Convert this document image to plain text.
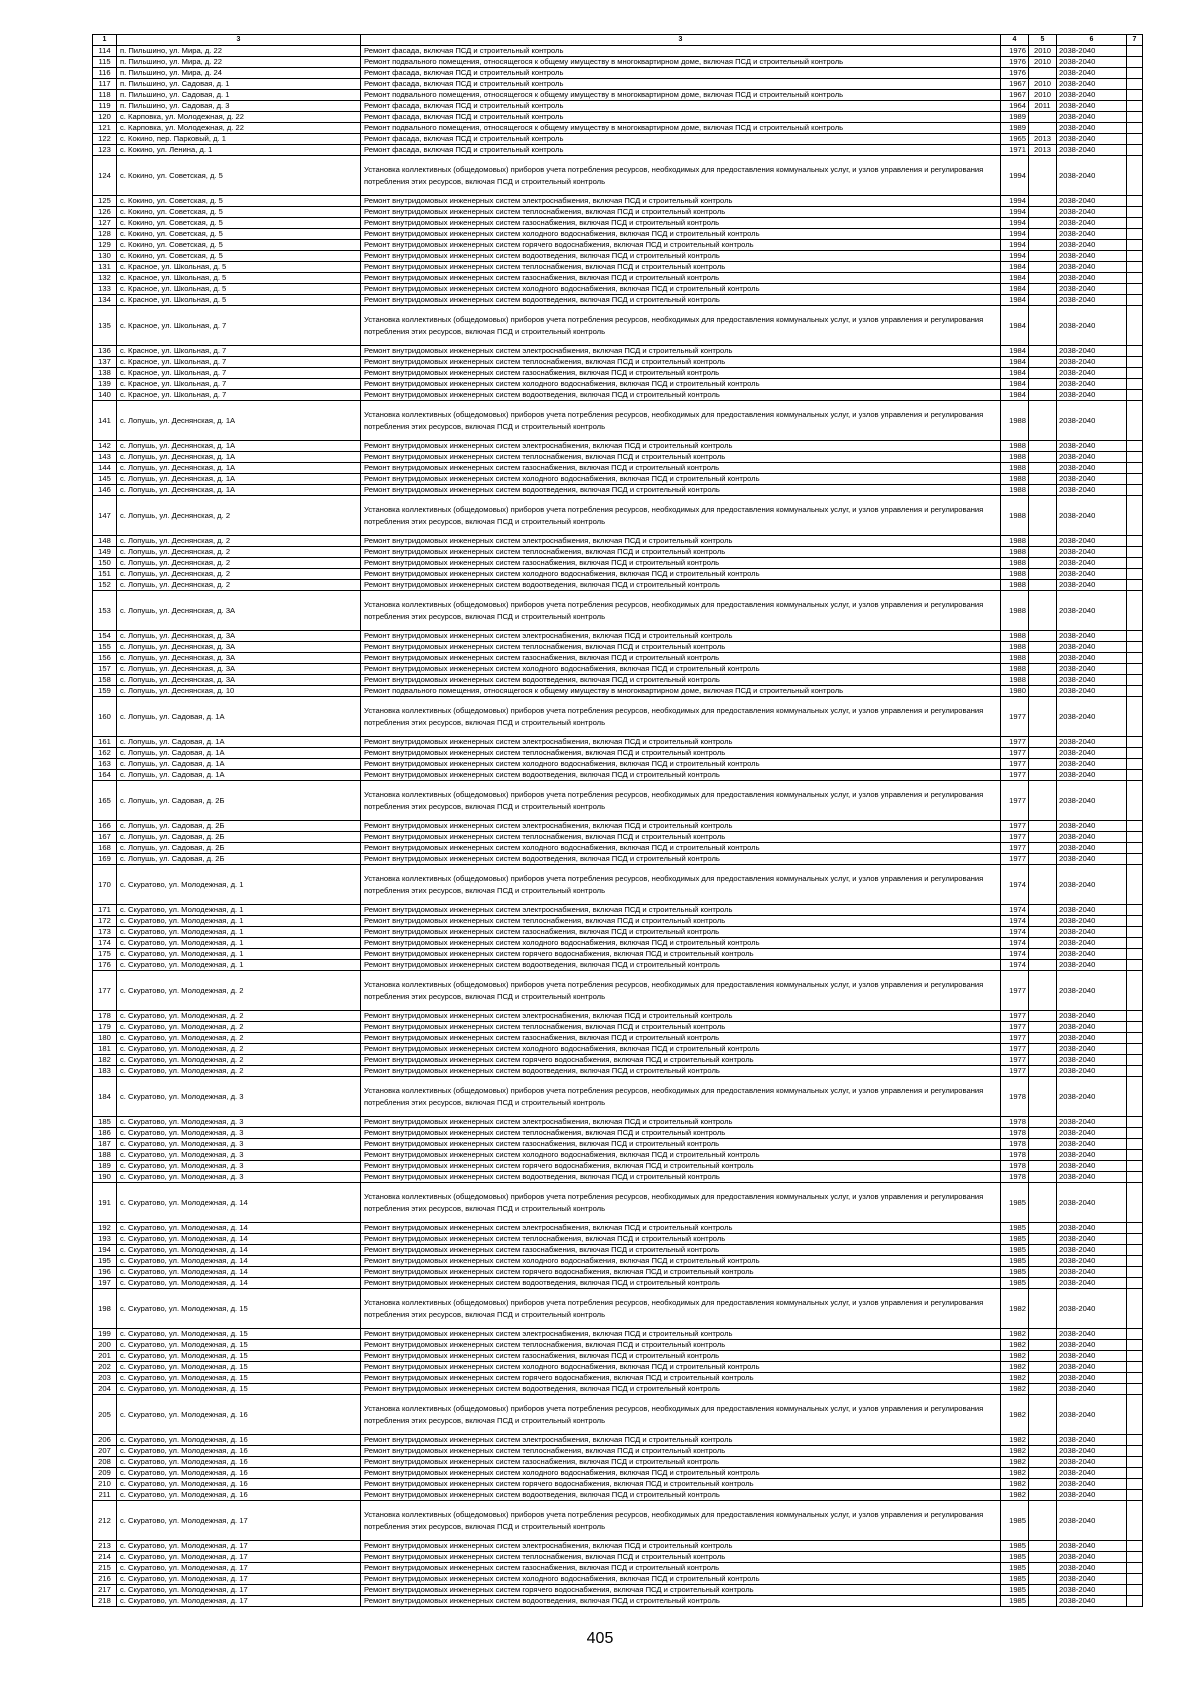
1	3	3	4	5	6	7
114	п. Пильшино, ул. Мира, д. 22	Ремонт фасада, включая ПСД и строительный контроль	1976	2010	2038-2040	
115	п. Пильшино, ул. Мира, д. 22	Ремонт подвального помещения, относящегося к общему имуществу в многоквартирном доме, включая ПСД и строительный контроль	1976	2010	2038-2040	
116	п. Пильшино, ул. Мира, д. 24	Ремонт фасада, включая ПСД и строительный контроль	1976		2038-2040	
117	п. Пильшино, ул. Садовая, д. 1	Ремонт фасада, включая ПСД и строительный контроль	1967	2010	2038-2040	
118	п. Пильшино, ул. Садовая, д. 1	Ремонт подвального помещения, относящегося к общему имуществу в многоквартирном доме, включая ПСД и строительный контроль	1967	2010	2038-2040	
119	п. Пильшино, ул. Садовая, д. 3	Ремонт фасада, включая ПСД и строительный контроль	1964	2011	2038-2040	
120	с. Карповка, ул. Молодежная, д. 22	Ремонт фасада, включая ПСД и строительный контроль	1989		2038-2040	
121	с. Карповка, ул. Молодежная, д. 22	Ремонт подвального помещения, относящегося к общему имуществу в многоквартирном доме, включая ПСД и строительный контроль	1989		2038-2040	
122	с. Кокино, пер. Парковый, д. 1	Ремонт фасада, включая ПСД и строительный контроль	1965	2013	2038-2040	
123	с. Кокино, ул. Ленина, д. 1	Ремонт фасада, включая ПСД и строительный контроль	1971	2013	2038-2040	
124	с. Кокино, ул. Советская, д. 5	Установка коллективных (общедомовых) приборов учета потребления ресурсов, необходимых для предоставления коммунальных услуг, и узлов управления и регулирования потребления этих ресурсов, включая ПСД и строительный контроль	1994		2038-2040	
125	с. Кокино, ул. Советская, д. 5	Ремонт внутридомовых инженерных систем электроснабжения, включая ПСД и строительный контроль	1994		2038-2040	
126	с. Кокино, ул. Советская, д. 5	Ремонт внутридомовых инженерных систем теплоснабжения, включая ПСД и строительный контроль	1994		2038-2040	
127	с. Кокино, ул. Советская, д. 5	Ремонт внутридомовых инженерных систем газоснабжения, включая ПСД и строительный контроль	1994		2038-2040	
128	с. Кокино, ул. Советская, д. 5	Ремонт внутридомовых инженерных систем холодного водоснабжения, включая ПСД и строительный контроль	1994		2038-2040	
129	с. Кокино, ул. Советская, д. 5	Ремонт внутридомовых инженерных систем горячего водоснабжения, включая ПСД и строительный контроль	1994		2038-2040	
130	с. Кокино, ул. Советская, д. 5	Ремонт внутридомовых инженерных систем водоотведения, включая ПСД и строительный контроль	1994		2038-2040	
131	с. Красное, ул. Школьная, д. 5	Ремонт внутридомовых инженерных систем теплоснабжения, включая ПСД и строительный контроль	1984		2038-2040	
132	с. Красное, ул. Школьная, д. 5	Ремонт внутридомовых инженерных систем газоснабжения, включая ПСД и строительный контроль	1984		2038-2040	
133	с. Красное, ул. Школьная, д. 5	Ремонт внутридомовых инженерных систем холодного водоснабжения, включая ПСД и строительный контроль	1984		2038-2040	
134	с. Красное, ул. Школьная, д. 5	Ремонт внутридомовых инженерных систем водоотведения, включая ПСД и строительный контроль	1984		2038-2040	
135	с. Красное, ул. Школьная, д. 7	Установка коллективных (общедомовых) приборов учета потребления ресурсов, необходимых для предоставления коммунальных услуг, и узлов управления и регулирования потребления этих ресурсов, включая ПСД и строительный контроль	1984		2038-2040	
136	с. Красное, ул. Школьная, д. 7	Ремонт внутридомовых инженерных систем электроснабжения, включая ПСД и строительный контроль	1984		2038-2040	
137	с. Красное, ул. Школьная, д. 7	Ремонт внутридомовых инженерных систем теплоснабжения, включая ПСД и строительный контроль	1984		2038-2040	
138	с. Красное, ул. Школьная, д. 7	Ремонт внутридомовых инженерных систем газоснабжения, включая ПСД и строительный контроль	1984		2038-2040	
139	с. Красное, ул. Школьная, д. 7	Ремонт внутридомовых инженерных систем холодного водоснабжения, включая ПСД и строительный контроль	1984		2038-2040	
140	с. Красное, ул. Школьная, д. 7	Ремонт внутридомовых инженерных систем водоотведения, включая ПСД и строительный контроль	1984		2038-2040	
141	с. Лопушь, ул. Деснянская, д. 1А	Установка коллективных (общедомовых) приборов учета потребления ресурсов, необходимых для предоставления коммунальных услуг, и узлов управления и регулирования потребления этих ресурсов, включая ПСД и строительный контроль	1988		2038-2040	
142	с. Лопушь, ул. Деснянская, д. 1А	Ремонт внутридомовых инженерных систем электроснабжения, включая ПСД и строительный контроль	1988		2038-2040	
143	с. Лопушь, ул. Деснянская, д. 1А	Ремонт внутридомовых инженерных систем теплоснабжения, включая ПСД и строительный контроль	1988		2038-2040	
144	с. Лопушь, ул. Деснянская, д. 1А	Ремонт внутридомовых инженерных систем газоснабжения, включая ПСД и строительный контроль	1988		2038-2040	
145	с. Лопушь, ул. Деснянская, д. 1А	Ремонт внутридомовых инженерных систем холодного водоснабжения, включая ПСД и строительный контроль	1988		2038-2040	
146	с. Лопушь, ул. Деснянская, д. 1А	Ремонт внутридомовых инженерных систем водоотведения, включая ПСД и строительный контроль	1988		2038-2040	
147	с. Лопушь, ул. Деснянская, д. 2	Установка коллективных (общедомовых) приборов учета потребления ресурсов, необходимых для предоставления коммунальных услуг, и узлов управления и регулирования потребления этих ресурсов, включая ПСД и строительный контроль	1988		2038-2040	
148	с. Лопушь, ул. Деснянская, д. 2	Ремонт внутридомовых инженерных систем электроснабжения, включая ПСД и строительный контроль	1988		2038-2040	
149	с. Лопушь, ул. Деснянская, д. 2	Ремонт внутридомовых инженерных систем теплоснабжения, включая ПСД и строительный контроль	1988		2038-2040	
150	с. Лопушь, ул. Деснянская, д. 2	Ремонт внутридомовых инженерных систем газоснабжения, включая ПСД и строительный контроль	1988		2038-2040	
151	с. Лопушь, ул. Деснянская, д. 2	Ремонт внутридомовых инженерных систем холодного водоснабжения, включая ПСД и строительный контроль	1988		2038-2040	
152	с. Лопушь, ул. Деснянская, д. 2	Ремонт внутридомовых инженерных систем водоотведения, включая ПСД и строительный контроль	1988		2038-2040	
153	с. Лопушь, ул. Деснянская, д. 3А	Установка коллективных (общедомовых) приборов учета потребления ресурсов, необходимых для предоставления коммунальных услуг, и узлов управления и регулирования потребления этих ресурсов, включая ПСД и строительный контроль	1988		2038-2040	
154	с. Лопушь, ул. Деснянская, д. 3А	Ремонт внутридомовых инженерных систем электроснабжения, включая ПСД и строительный контроль	1988		2038-2040	
155	с. Лопушь, ул. Деснянская, д. 3А	Ремонт внутридомовых инженерных систем теплоснабжения, включая ПСД и строительный контроль	1988		2038-2040	
156	с. Лопушь, ул. Деснянская, д. 3А	Ремонт внутридомовых инженерных систем газоснабжения, включая ПСД и строительный контроль	1988		2038-2040	
157	с. Лопушь, ул. Деснянская, д. 3А	Ремонт внутридомовых инженерных систем холодного водоснабжения, включая ПСД и строительный контроль	1988		2038-2040	
158	с. Лопушь, ул. Деснянская, д. 3А	Ремонт внутридомовых инженерных систем водоотведения, включая ПСД и строительный контроль	1988		2038-2040	
159	с. Лопушь, ул. Деснянская, д. 10	Ремонт подвального помещения, относящегося к общему имуществу в многоквартирном доме, включая ПСД и строительный контроль	1980		2038-2040	
160	с. Лопушь, ул. Садовая, д. 1А	Установка коллективных (общедомовых) приборов учета потребления ресурсов, необходимых для предоставления коммунальных услуг, и узлов управления и регулирования потребления этих ресурсов, включая ПСД и строительный контроль	1977		2038-2040	
161	с. Лопушь, ул. Садовая, д. 1А	Ремонт внутридомовых инженерных систем электроснабжения, включая ПСД и строительный контроль	1977		2038-2040	
162	с. Лопушь, ул. Садовая, д. 1А	Ремонт внутридомовых инженерных систем теплоснабжения, включая ПСД и строительный контроль	1977		2038-2040	
163	с. Лопушь, ул. Садовая, д. 1А	Ремонт внутридомовых инженерных систем холодного водоснабжения, включая ПСД и строительный контроль	1977		2038-2040	
164	с. Лопушь, ул. Садовая, д. 1А	Ремонт внутридомовых инженерных систем водоотведения, включая ПСД и строительный контроль	1977		2038-2040	
165	с. Лопушь, ул. Садовая, д. 2Б	Установка коллективных (общедомовых) приборов учета потребления ресурсов, необходимых для предоставления коммунальных услуг, и узлов управления и регулирования потребления этих ресурсов, включая ПСД и строительный контроль	1977		2038-2040	
166	с. Лопушь, ул. Садовая, д. 2Б	Ремонт внутридомовых инженерных систем электроснабжения, включая ПСД и строительный контроль	1977		2038-2040	
167	с. Лопушь, ул. Садовая, д. 2Б	Ремонт внутридомовых инженерных систем теплоснабжения, включая ПСД и строительный контроль	1977		2038-2040	
168	с. Лопушь, ул. Садовая, д. 2Б	Ремонт внутридомовых инженерных систем холодного водоснабжения, включая ПСД и строительный контроль	1977		2038-2040	
169	с. Лопушь, ул. Садовая, д. 2Б	Ремонт внутридомовых инженерных систем водоотведения, включая ПСД и строительный контроль	1977		2038-2040	
170	с. Скуратово, ул. Молодежная, д. 1	Установка коллективных (общедомовых) приборов учета потребления ресурсов, необходимых для предоставления коммунальных услуг, и узлов управления и регулирования потребления этих ресурсов, включая ПСД и строительный контроль	1974		2038-2040	
171	с. Скуратово, ул. Молодежная, д. 1	Ремонт внутридомовых инженерных систем электроснабжения, включая ПСД и строительный контроль	1974		2038-2040	
172	с. Скуратово, ул. Молодежная, д. 1	Ремонт внутридомовых инженерных систем теплоснабжения, включая ПСД и строительный контроль	1974		2038-2040	
173	с. Скуратово, ул. Молодежная, д. 1	Ремонт внутридомовых инженерных систем газоснабжения, включая ПСД и строительный контроль	1974		2038-2040	
174	с. Скуратово, ул. Молодежная, д. 1	Ремонт внутридомовых инженерных систем холодного водоснабжения, включая ПСД и строительный контроль	1974		2038-2040	
175	с. Скуратово, ул. Молодежная, д. 1	Ремонт внутридомовых инженерных систем горячего водоснабжения, включая ПСД и строительный контроль	1974		2038-2040	
176	с. Скуратово, ул. Молодежная, д. 1	Ремонт внутридомовых инженерных систем водоотведения, включая ПСД и строительный контроль	1974		2038-2040	
177	с. Скуратово, ул. Молодежная, д. 2	Установка коллективных (общедомовых) приборов учета потребления ресурсов, необходимых для предоставления коммунальных услуг, и узлов управления и регулирования потребления этих ресурсов, включая ПСД и строительный контроль	1977		2038-2040	
178	с. Скуратово, ул. Молодежная, д. 2	Ремонт внутридомовых инженерных систем электроснабжения, включая ПСД и строительный контроль	1977		2038-2040	
179	с. Скуратово, ул. Молодежная, д. 2	Ремонт внутридомовых инженерных систем теплоснабжения, включая ПСД и строительный контроль	1977		2038-2040	
180	с. Скуратово, ул. Молодежная, д. 2	Ремонт внутридомовых инженерных систем газоснабжения, включая ПСД и строительный контроль	1977		2038-2040	
181	с. Скуратово, ул. Молодежная, д. 2	Ремонт внутридомовых инженерных систем холодного водоснабжения, включая ПСД и строительный контроль	1977		2038-2040	
182	с. Скуратово, ул. Молодежная, д. 2	Ремонт внутридомовых инженерных систем горячего водоснабжения, включая ПСД и строительный контроль	1977		2038-2040	
183	с. Скуратово, ул. Молодежная, д. 2	Ремонт внутридомовых инженерных систем водоотведения, включая ПСД и строительный контроль	1977		2038-2040	
184	с. Скуратово, ул. Молодежная, д. 3	Установка коллективных (общедомовых) приборов учета потребления ресурсов, необходимых для предоставления коммунальных услуг, и узлов управления и регулирования потребления этих ресурсов, включая ПСД и строительный контроль	1978		2038-2040	
185	с. Скуратово, ул. Молодежная, д. 3	Ремонт внутридомовых инженерных систем электроснабжения, включая ПСД и строительный контроль	1978		2038-2040	
186	с. Скуратово, ул. Молодежная, д. 3	Ремонт внутридомовых инженерных систем теплоснабжения, включая ПСД и строительный контроль	1978		2038-2040	
187	с. Скуратово, ул. Молодежная, д. 3	Ремонт внутридомовых инженерных систем газоснабжения, включая ПСД и строительный контроль	1978		2038-2040	
188	с. Скуратово, ул. Молодежная, д. 3	Ремонт внутридомовых инженерных систем холодного водоснабжения, включая ПСД и строительный контроль	1978		2038-2040	
189	с. Скуратово, ул. Молодежная, д. 3	Ремонт внутридомовых инженерных систем горячего водоснабжения, включая ПСД и строительный контроль	1978		2038-2040	
190	с. Скуратово, ул. Молодежная, д. 3	Ремонт внутридомовых инженерных систем водоотведения, включая ПСД и строительный контроль	1978		2038-2040	
191	с. Скуратово, ул. Молодежная, д. 14	Установка коллективных (общедомовых) приборов учета потребления ресурсов, необходимых для предоставления коммунальных услуг, и узлов управления и регулирования потребления этих ресурсов, включая ПСД и строительный контроль	1985		2038-2040	
192	с. Скуратово, ул. Молодежная, д. 14	Ремонт внутридомовых инженерных систем электроснабжения, включая ПСД и строительный контроль	1985		2038-2040	
193	с. Скуратово, ул. Молодежная, д. 14	Ремонт внутридомовых инженерных систем теплоснабжения, включая ПСД и строительный контроль	1985		2038-2040	
194	с. Скуратово, ул. Молодежная, д. 14	Ремонт внутридомовых инженерных систем газоснабжения, включая ПСД и строительный контроль	1985		2038-2040	
195	с. Скуратово, ул. Молодежная, д. 14	Ремонт внутридомовых инженерных систем холодного водоснабжения, включая ПСД и строительный контроль	1985		2038-2040	
196	с. Скуратово, ул. Молодежная, д. 14	Ремонт внутридомовых инженерных систем горячего водоснабжения, включая ПСД и строительный контроль	1985		2038-2040	
197	с. Скуратово, ул. Молодежная, д. 14	Ремонт внутридомовых инженерных систем водоотведения, включая ПСД и строительный контроль	1985		2038-2040	
198	с. Скуратово, ул. Молодежная, д. 15	Установка коллективных (общедомовых) приборов учета потребления ресурсов, необходимых для предоставления коммунальных услуг, и узлов управления и регулирования потребления этих ресурсов, включая ПСД и строительный контроль	1982		2038-2040	
199	с. Скуратово, ул. Молодежная, д. 15	Ремонт внутридомовых инженерных систем электроснабжения, включая ПСД и строительный контроль	1982		2038-2040	
200	с. Скуратово, ул. Молодежная, д. 15	Ремонт внутридомовых инженерных систем теплоснабжения, включая ПСД и строительный контроль	1982		2038-2040	
201	с. Скуратово, ул. Молодежная, д. 15	Ремонт внутридомовых инженерных систем газоснабжения, включая ПСД и строительный контроль	1982		2038-2040	
202	с. Скуратово, ул. Молодежная, д. 15	Ремонт внутридомовых инженерных систем холодного водоснабжения, включая ПСД и строительный контроль	1982		2038-2040	
203	с. Скуратово, ул. Молодежная, д. 15	Ремонт внутридомовых инженерных систем горячего водоснабжения, включая ПСД и строительный контроль	1982		2038-2040	
204	с. Скуратово, ул. Молодежная, д. 15	Ремонт внутридомовых инженерных систем водоотведения, включая ПСД и строительный контроль	1982		2038-2040	
205	с. Скуратово, ул. Молодежная, д. 16	Установка коллективных (общедомовых) приборов учета потребления ресурсов, необходимых для предоставления коммунальных услуг, и узлов управления и регулирования потребления этих ресурсов, включая ПСД и строительный контроль	1982		2038-2040	
206	с. Скуратово, ул. Молодежная, д. 16	Ремонт внутридомовых инженерных систем электроснабжения, включая ПСД и строительный контроль	1982		2038-2040	
207	с. Скуратово, ул. Молодежная, д. 16	Ремонт внутридомовых инженерных систем теплоснабжения, включая ПСД и строительный контроль	1982		2038-2040	
208	с. Скуратово, ул. Молодежная, д. 16	Ремонт внутридомовых инженерных систем газоснабжения, включая ПСД и строительный контроль	1982		2038-2040	
209	с. Скуратово, ул. Молодежная, д. 16	Ремонт внутридомовых инженерных систем холодного водоснабжения, включая ПСД и строительный контроль	1982		2038-2040	
210	с. Скуратово, ул. Молодежная, д. 16	Ремонт внутридомовых инженерных систем горячего водоснабжения, включая ПСД и строительный контроль	1982		2038-2040	
211	с. Скуратово, ул. Молодежная, д. 16	Ремонт внутридомовых инженерных систем водоотведения, включая ПСД и строительный контроль	1982		2038-2040	
212	с. Скуратово, ул. Молодежная, д. 17	Установка коллективных (общедомовых) приборов учета потребления ресурсов, необходимых для предоставления коммунальных услуг, и узлов управления и регулирования потребления этих ресурсов, включая ПСД и строительный контроль	1985		2038-2040	
213	с. Скуратово, ул. Молодежная, д. 17	Ремонт внутридомовых инженерных систем электроснабжения, включая ПСД и строительный контроль	1985		2038-2040	
214	с. Скуратово, ул. Молодежная, д. 17	Ремонт внутридомовых инженерных систем теплоснабжения, включая ПСД и строительный контроль	1985		2038-2040	
215	с. Скуратово, ул. Молодежная, д. 17	Ремонт внутридомовых инженерных систем газоснабжения, включая ПСД и строительный контроль	1985		2038-2040	
216	с. Скуратово, ул. Молодежная, д. 17	Ремонт внутридомовых инженерных систем холодного водоснабжения, включая ПСД и строительный контроль	1985		2038-2040	
217	с. Скуратово, ул. Молодежная, д. 17	Ремонт внутридомовых инженерных систем горячего водоснабжения, включая ПСД и строительный контроль	1985		2038-2040	
218	с. Скуратово, ул. Молодежная, д. 17	Ремонт внутридомовых инженерных систем водоотведения, включая ПСД и строительный контроль	1985		2038-2040	
405
